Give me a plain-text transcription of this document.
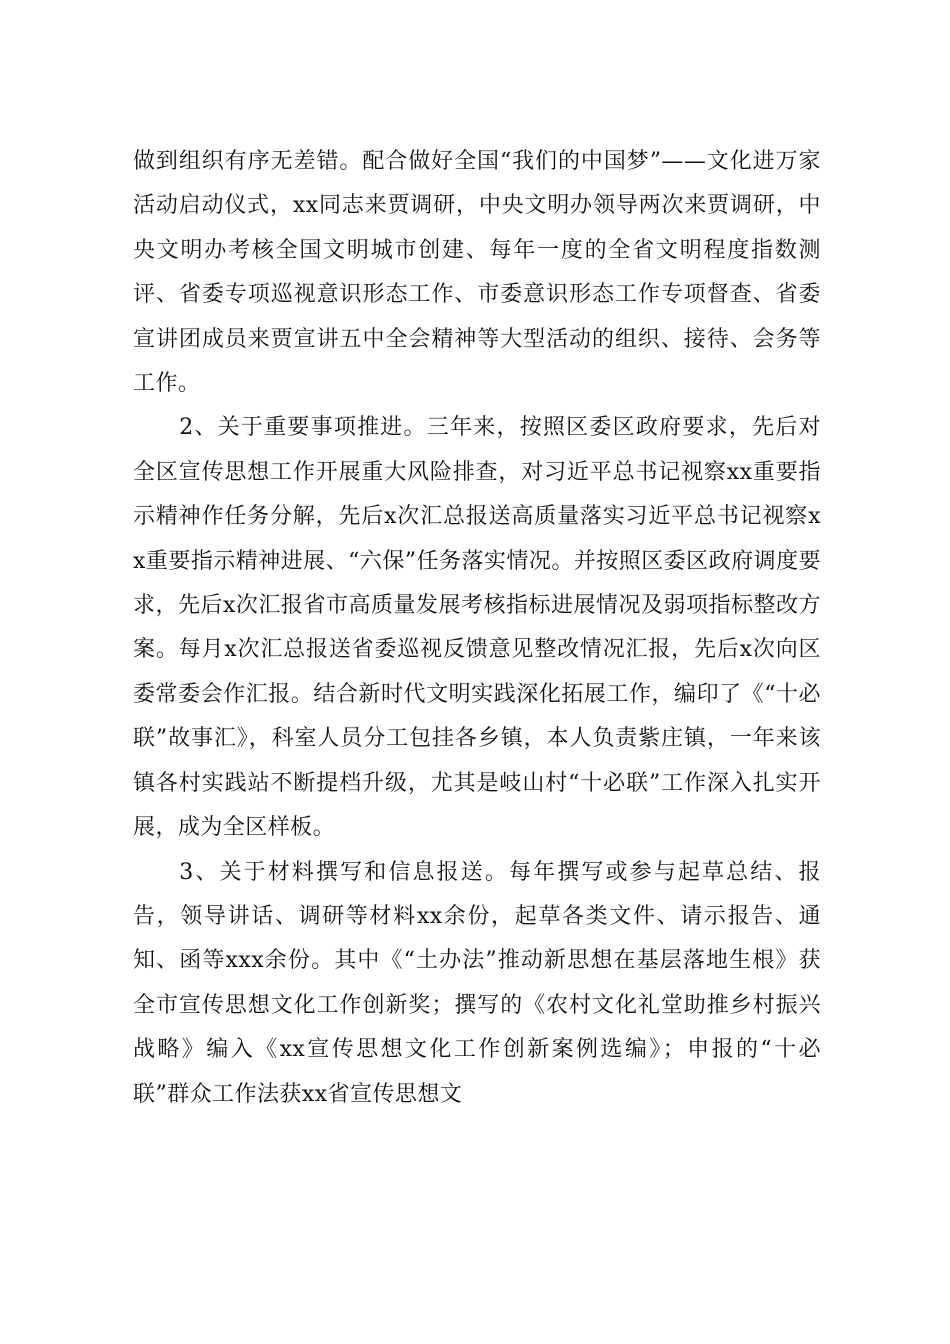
做到组织有序无差错。配合做好全国“我们的中国梦”——文化进万家活动启动仪式，xx同志来贾调研，中央文明办领导两次来贾调研，中央文明办考核全国文明城市创建、每年一度的全省文明程度指数测评、省委专项巡视意识形态工作、市委意识形态工作专项督查、省委宣讲团成员来贾宣讲五中全会精神等大型活动的组织、接待、会务等工作。

2、关于重要事项推进。三年来，按照区委区政府要求，先后对全区宣传思想工作开展重大风险排查，对习近平总书记视察xx重要指示精神作任务分解，先后x次汇总报送高质量落实习近平总书记视察xx重要指示精神进展、“六保”任务落实情况。并按照区委区政府调度要求，先后x次汇报省市高质量发展考核指标进展情况及弱项指标整改方案。每月x次汇总报送省委巡视反馈意见整改情况汇报，先后x次向区委常委会作汇报。结合新时代文明实践深化拓展工作，编印了《“十必联”故事汇》，科室人员分工包挂各乡镇，本人负责紫庄镇，一年来该镇各村实践站不断提档升级，尤其是岐山村“十必联”工作深入扎实开展，成为全区样板。

3、关于材料撰写和信息报送。每年撰写或参与起草总结、报告，领导讲话、调研等材料xx余份，起草各类文件、请示报告、通知、函等xxx余份。其中《“土办法”推动新思想在基层落地生根》获全市宣传思想文化工作创新奖；撰写的《农村文化礼堂助推乡村振兴战略》编入《xx宣传思想文化工作创新案例选编》；申报的“十必联”群众工作法获xx省宣传思想文
